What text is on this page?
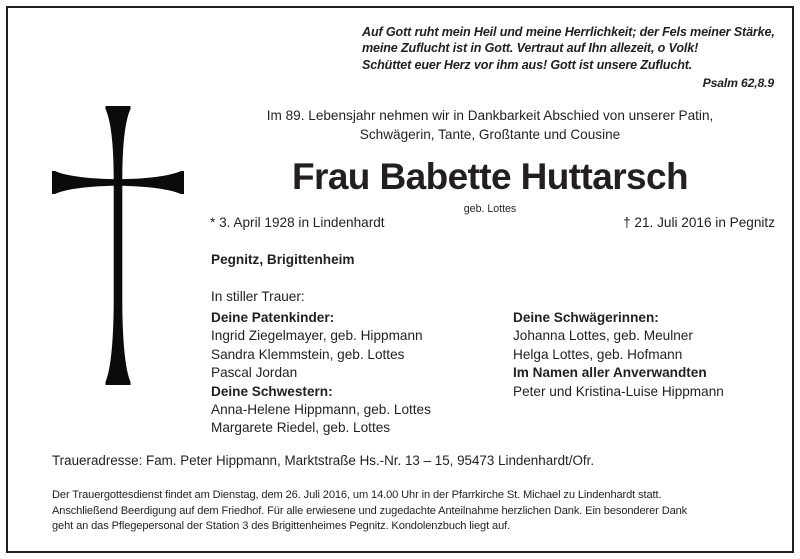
Auf Gott ruht mein Heil und meine Herrlichkeit; der Fels meiner Stärke,
meine Zuflucht ist in Gott. Vertraut auf Ihn allezeit, o Volk!
Schüttet euer Herz vor ihm aus! Gott ist unsere Zuflucht.
Psalm 62,8.9
Im 89. Lebensjahr nehmen wir in Dankbarkeit Abschied von unserer Patin,
Schwägerin, Tante, Großtante und Cousine
Frau Babette Huttarsch
geb. Lottes
* 3. April 1928 in Lindenhardt	† 21. Juli 2016 in Pegnitz
Pegnitz, Brigittenheim
In stiller Trauer:
Deine Patenkinder:
Ingrid Ziegelmayer, geb. Hippmann
Sandra Klemmstein, geb. Lottes
Pascal Jordan
Deine Schwestern:
Anna-Helene Hippmann, geb. Lottes
Margarete Riedel, geb. Lottes
Deine Schwägerinnen:
Johanna Lottes, geb. Meulner
Helga Lottes, geb. Hofmann
Im Namen aller Anverwandten
Peter und Kristina-Luise Hippmann
Traueradresse: Fam. Peter Hippmann, Marktstraße Hs.-Nr. 13 – 15, 95473 Lindenhardt/Ofr.
Der Trauergottesdienst findet am Dienstag, dem 26. Juli 2016, um 14.00 Uhr in der Pfarrkirche St. Michael zu Lindenhardt statt.
Anschließend Beerdigung auf dem Friedhof. Für alle erwiesene und zugedachte Anteilnahme herzlichen Dank. Ein besonderer Dank
geht an das Pflegepersonal der Station 3 des Brigittenheimes Pegnitz. Kondolenzbuch liegt auf.
